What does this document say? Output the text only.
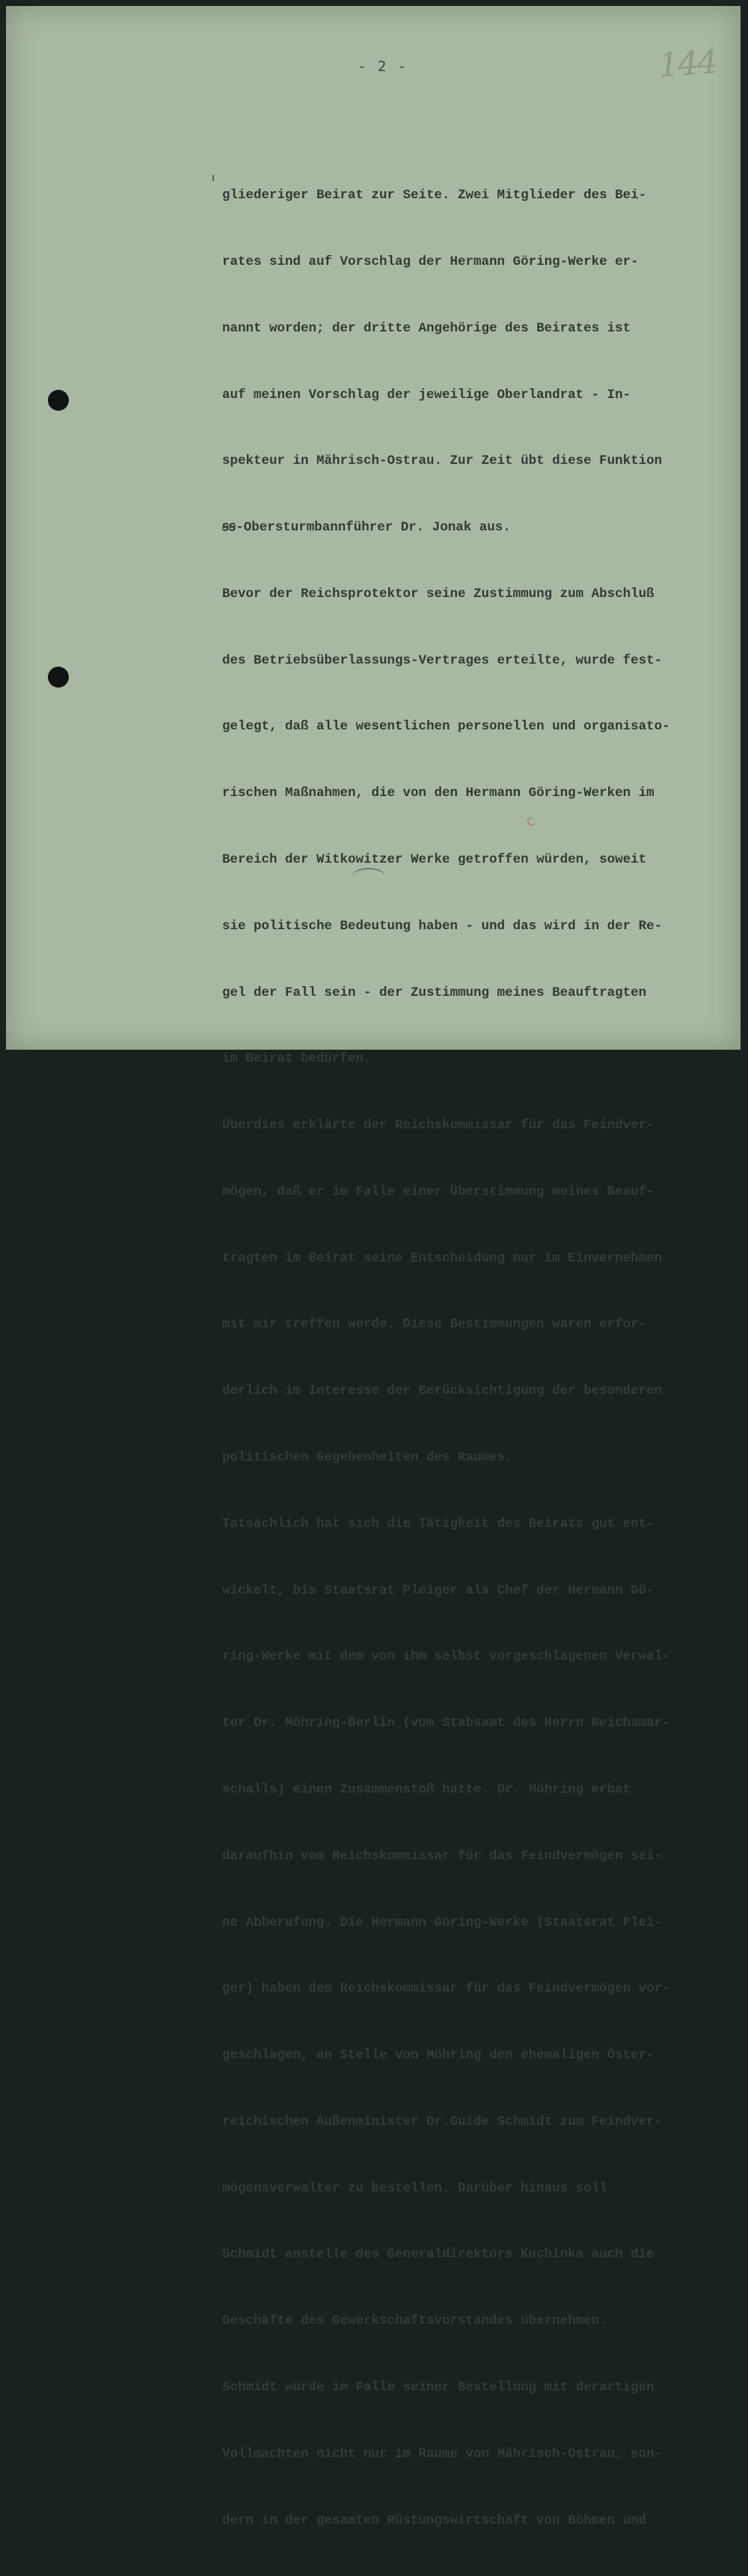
- 2 -	144
ⅽ

gliederiger Beirat zur Seite. Zwei Mitglieder des Bei-

rates sind auf Vorschlag der Hermann Göring-Werke er-

nannt worden; der dritte Angehörige des Beirates ist

auf meinen Vorschlag der jeweilige Oberlandrat - In-

spekteur in Mährisch-Ostrau. Zur Zeit übt diese Funktion

ꞩꞩ-Obersturmbannführer Dr. Jonak aus.

Bevor der Reichsprotektor seine Zustimmung zum Abschluß

des Betriebsüberlassungs-Vertrages erteilte, wurde fest-

gelegt, daß alle wesentlichen personellen und organisato-

rischen Maßnahmen, die von den Hermann Göring-Werken im

Bereich der Witkowitzer Werke getroffen würden, soweit

sie politische Bedeutung haben - und das wird in der Re-

gel der Fall sein - der Zustimmung meines Beauftragten

im Beirat bedürfen.

Überdies erklärte der Reichskommissar für das Feindver-

mögen, daß er im Falle einer Überstimmung meines Beauf-

tragten im Beirat seine Entscheidung nur im Einvernehmen

mit mir treffen werde. Diese Bestimmungen waren erfor-

derlich im Interesse der Berücksichtigung der besonderen

politischen Gegebenheiten des Raumes.

Tatsächlich hat sich die Tätigkeit des Beirats gut ent-

wickelt, bis Staatsrat Pleiger als Chef der Hermann Gö-

ring-Werke mit dem von ihm selbst vorgeschlagenen Verwal-

ter Dr. Möhring-Berlin (vom Stabsamt des Herrn Reichsmar-

schalls) einen Zusammenstoß hatte. Dr. Möhring erbat

daraufhin vom Reichskommissar für das Feindvermögen sei-

ne Abberufung. Die Hermann Göring-Werke (Staatsrat Plei-

ger) haben dem Reichskommissar für das Feindvermögen vor-

geschlagen, an Stelle von Möhring den ehemaligen Öster-

reichischen Außenminister Dr.Guide Schmidt zum Feindver-

mögensverwalter zu bestellen. Darüber hinaus soll

Schmidt anstelle des Generaldirektors Kuchinka auch die

Geschäfte des Gewerkschaftsvorstandes übernehmen.

Schmidt würde im Falle seiner Bestellung mit derartigen

Vollmachten nicht nur im Raume von Mährisch-Ostrau, son-

dern in der gesamten Rüstungswirtschaft von Böhmen und
